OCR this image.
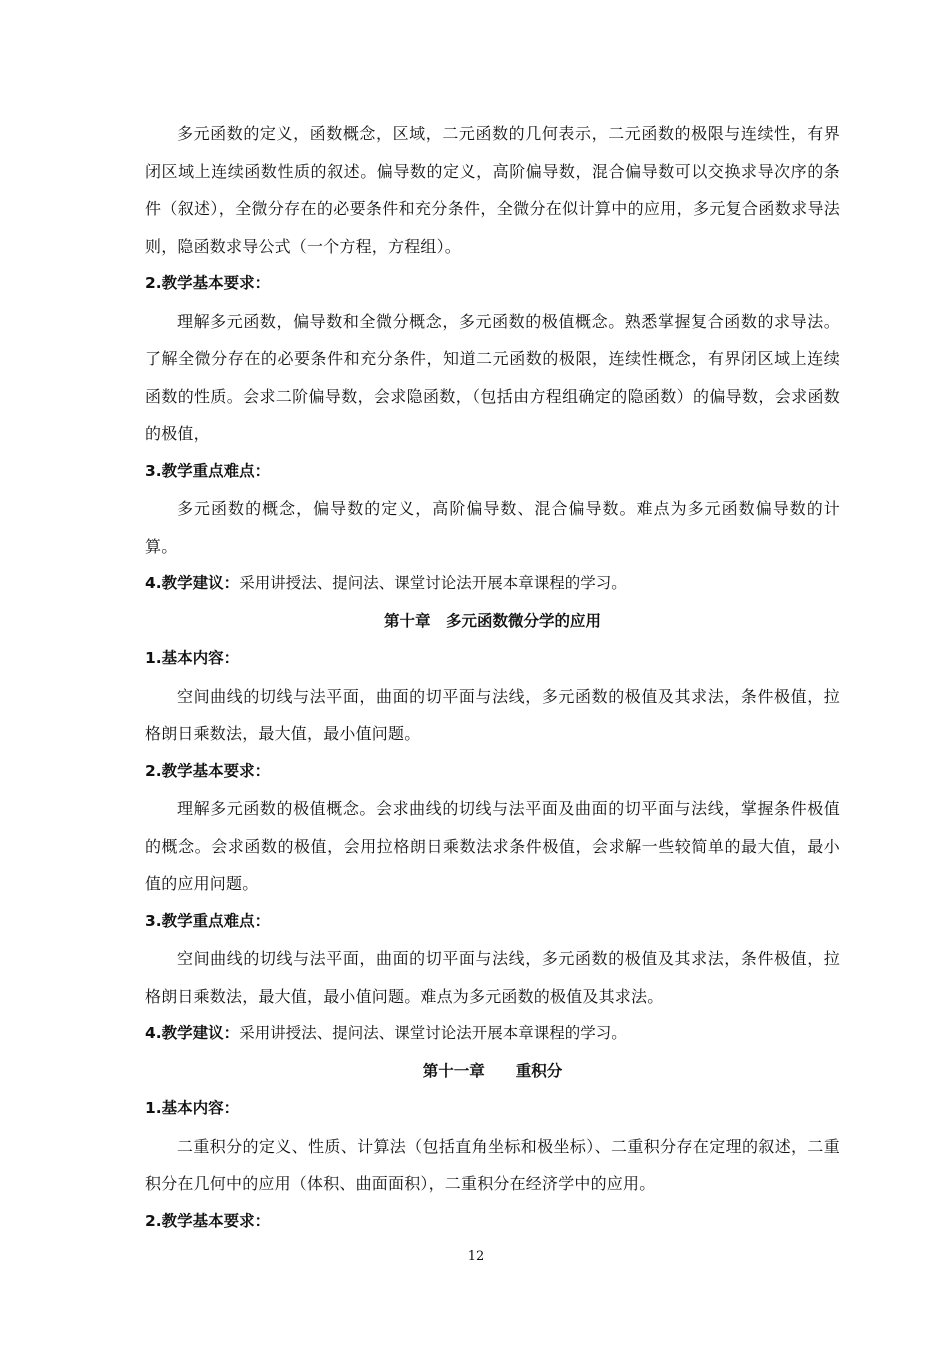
多元函数的定义，函数概念，区域，二元函数的几何表示，二元函数的极限与连续性，有界闭区域上连续函数性质的叙述。偏导数的定义，高阶偏导数，混合偏导数可以交换求导次序的条件（叙述），全微分存在的必要条件和充分条件，全微分在似计算中的应用，多元复合函数求导法则，隐函数求导公式（一个方程，方程组）。

2.教学基本要求：

理解多元函数，偏导数和全微分概念，多元函数的极值概念。熟悉掌握复合函数的求导法。了解全微分存在的必要条件和充分条件，知道二元函数的极限，连续性概念，有界闭区域上连续函数的性质。会求二阶偏导数，会求隐函数，（包括由方程组确定的隐函数）的偏导数，会求函数的极值，

3.教学重点难点：

多元函数的概念，偏导数的定义，高阶偏导数、混合偏导数。难点为多元函数偏导数的计算。

4.教学建议：采用讲授法、提问法、课堂讨论法开展本章课程的学习。

第十章　多元函数微分学的应用

1.基本内容：

空间曲线的切线与法平面，曲面的切平面与法线，多元函数的极值及其求法，条件极值，拉格朗日乘数法，最大值，最小值问题。

2.教学基本要求：

理解多元函数的极值概念。会求曲线的切线与法平面及曲面的切平面与法线，掌握条件极值的概念。会求函数的极值，会用拉格朗日乘数法求条件极值，会求解一些较简单的最大值，最小值的应用问题。

3.教学重点难点：

空间曲线的切线与法平面，曲面的切平面与法线，多元函数的极值及其求法，条件极值，拉格朗日乘数法，最大值，最小值问题。难点为多元函数的极值及其求法。

4.教学建议：采用讲授法、提问法、课堂讨论法开展本章课程的学习。

第十一章　　重积分

1.基本内容：

二重积分的定义、性质、计算法（包括直角坐标和极坐标）、二重积分存在定理的叙述，二重积分在几何中的应用（体积、曲面面积），二重积分在经济学中的应用。

2.教学基本要求：

12
